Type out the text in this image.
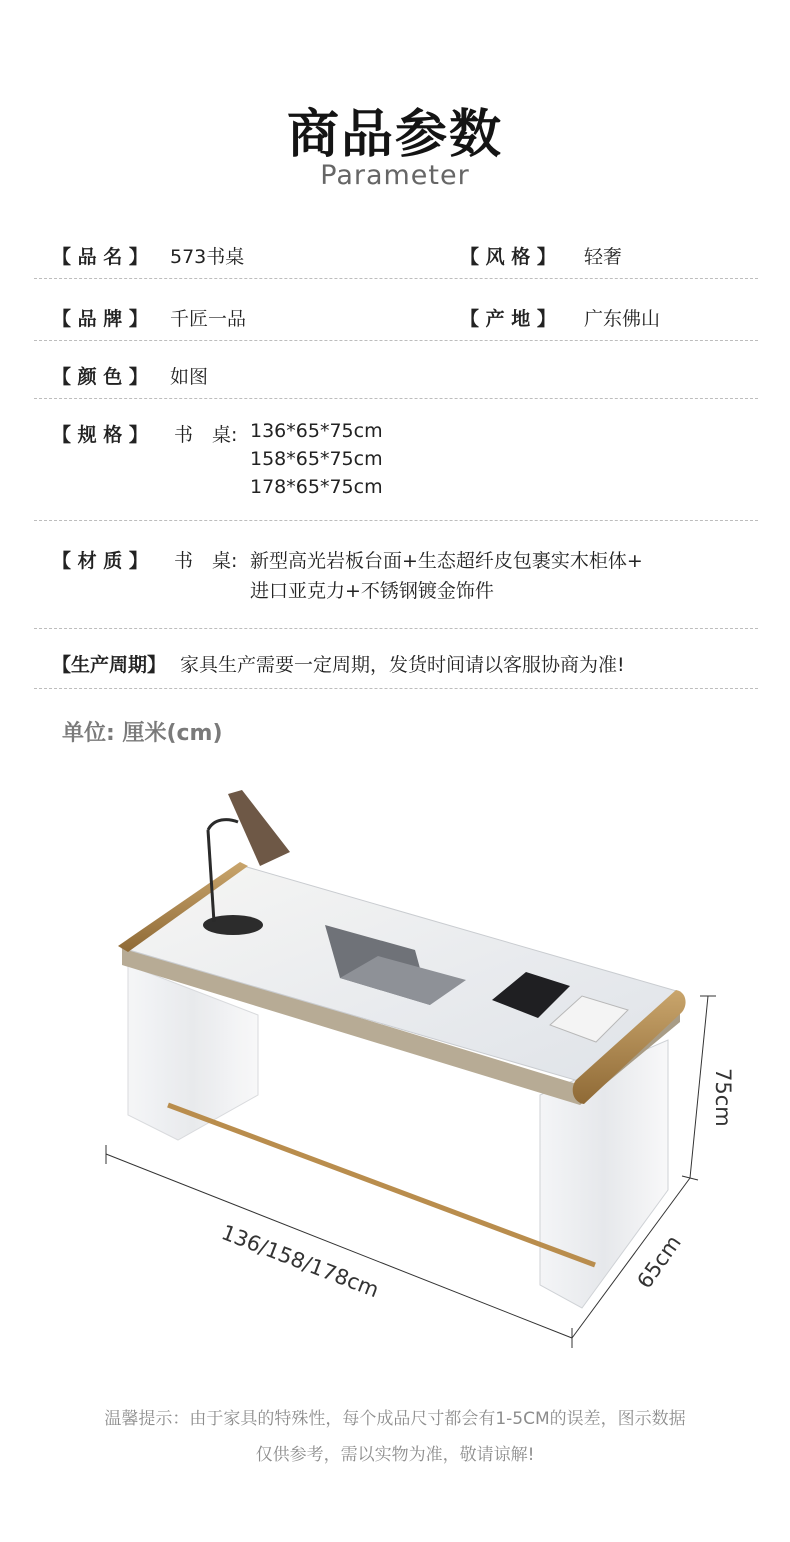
商品参数
Parameter
【 品 名 】 573书桌	【 风 格 】 轻奢
【 品 牌 】 千匠一品	【 产 地 】 广东佛山
【 颜 色 】 如图
【 规 格 】 书　桌: 136*65*75cm
158*65*75cm
178*65*75cm
【 材 质 】 书　桌: 新型高光岩板台面+生态超纤皮包裹实木柜体+
进口亚克力+不锈钢镀金饰件
【生产周期】 家具生产需要一定周期，发货时间请以客服协商为准!
单位: 厘米(cm)
136/158/178cm	65cm
75cm
温馨提示：由于家具的特殊性，每个成品尺寸都会有1-5CM的误差，图示数据
仅供参考，需以实物为准，敬请谅解!
